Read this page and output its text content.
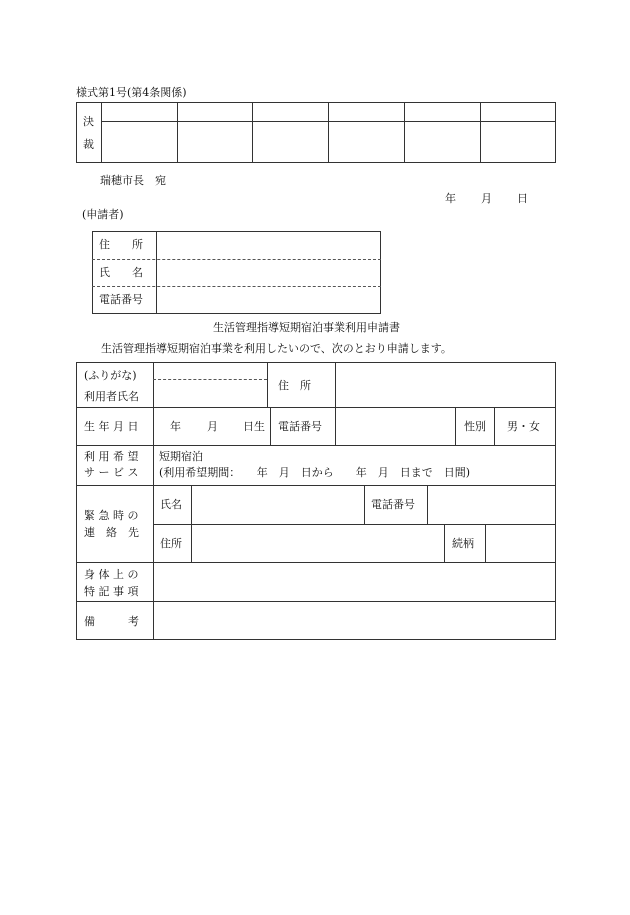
様式第1号(第4条関係)
決
裁
瑞穂市長　宛
年 月 日
(申請者)
住　　所
氏　　名
電話番号
生活管理指導短期宿泊事業利用申請書
生活管理指導短期宿泊事業を利用したいので、次のとおり申請します。
(ふりがな)
利用者氏名
住　所
生 年 月 日	年 月 日生 電話番号	性別 男・女
利 用 希 望
サ ー ビ ス
短期宿泊
(利用希望期間：　　年　月　日から　　年　月　日まで　日間)
緊 急 時 の
連　絡　先
氏名	電話番号
住所	続柄
身 体 上 の
特 記 事 項
備　　　考
